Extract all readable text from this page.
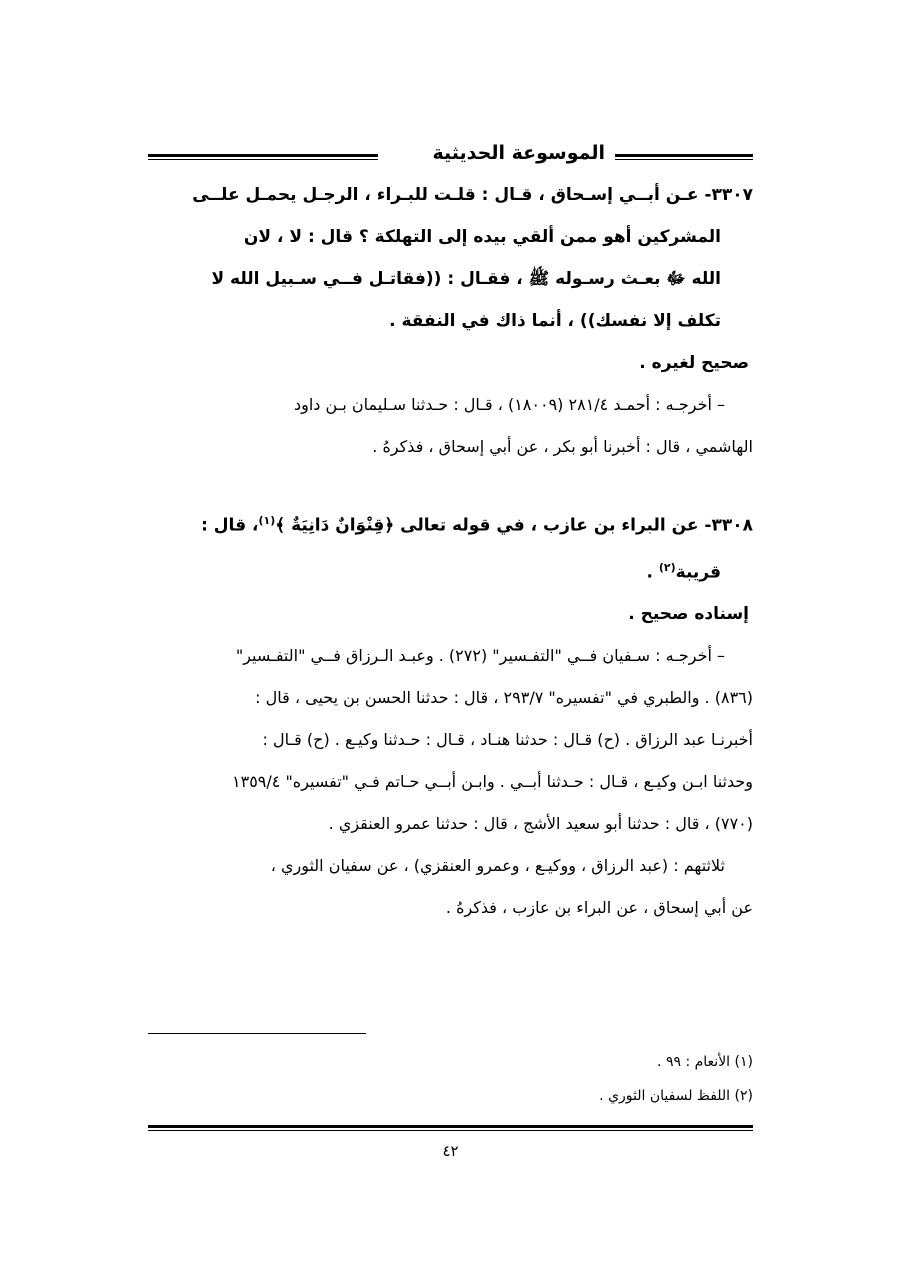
الموسوعة الحديثية
٣٣٠٧- عـن أبــي إسـحاق ، قـال : قلـت للبـراء ، الرجـل يحمـل علــى
المشركين أهو ممن ألقي بيده إلى التهلكة ؟ قال : لا ، لان
الله ﷻ بعـث رسـوله ﷺ ، فقـال : ((فقاتـل فــي سـبيل الله لا
تكلف إلا نفسك)) ، أنما ذاك في النفقة .
صحيح لغيره .
– أخرجـه : أحمـد ٢٨١/٤ (١٨٠٠٩) ، قـال : حـدثنا سـليمان بـن داود
الهاشمي ، قال : أخبرنا أبو بكر ، عن أبي إسحاق ، فذكرهُ .
٣٣٠٨- عن البراء بن عازب ، في قوله تعالى ﴿قِنْوَانٌ دَانِيَةٌ ﴾$^{(١)}$، قال :
قريبة$^{(٢)}$ .
إسناده صحيح .
– أخرجـه : سـفيان فــي "التفـسير" (٢٧٢) . وعبـد الـرزاق فــي "التفـسير"
(٨٣٦) . والطبري في "تفسيره" ٢٩٣/٧ ، قال : حدثنا الحسن بن يحيى ، قال :
أخبرنـا عبد الرزاق . (ح) قـال : حدثنا هنـاد ، قـال : حـدثنا وكيـع . (ح) قـال :
وحدثنا ابـن وكيـع ، قـال : حـدثنا أبــي . وابـن أبــي حـاتم فـي "تفسيره" ١٣٥٩/٤
(٧٧٠) ، قال : حدثنا أبو سعيد الأشج ، قال : حدثنا عمرو العنقزي .
ثلاثتهم : (عبد الرزاق ، ووكيـع ، وعمرو العنقزي) ، عن سفيان الثوري ،
عن أبي إسحاق ، عن البراء بن عازب ، فذكرهُ .
(١) الأنعام : ٩٩ .
(٢) اللفظ لسفيان الثوري .
٤٢
